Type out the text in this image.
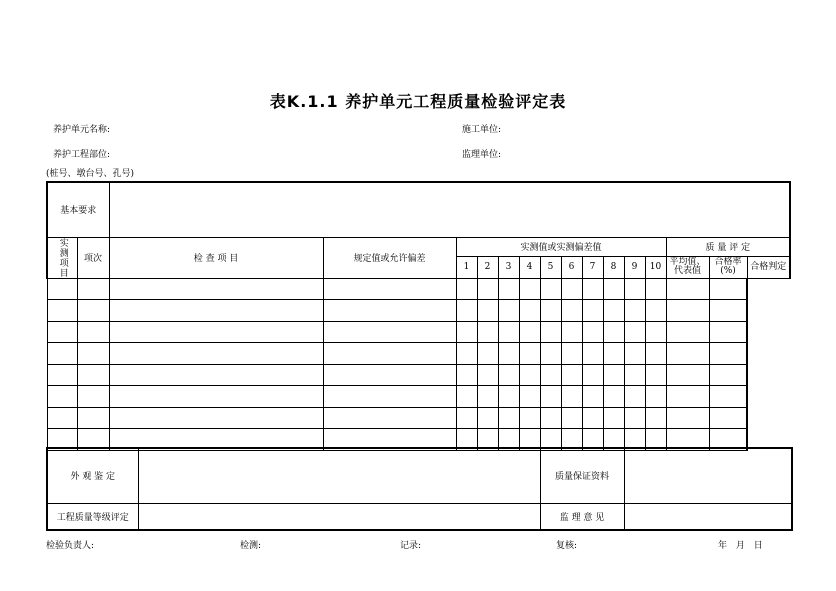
表K.1.1 养护单元工程质量检验评定表
养护单元名称:	施工单位:
养护工程部位:	监理单位:
(桩号、墩台号、孔号)
基本要求																

实测项目	项次	检 查 项 目	规定值或允许偏差	实测值或实测偏差值										质 量 评 定		
				1	2	3	4	5	6	7	8	9	10	平均值、代表值	合格率(%)	合格判定

外 观 鉴 定		质量保证资料	
工程质量等级评定		监 理 意 见	
检验负责人:	检测:	记录:	复核:	年 月 日
